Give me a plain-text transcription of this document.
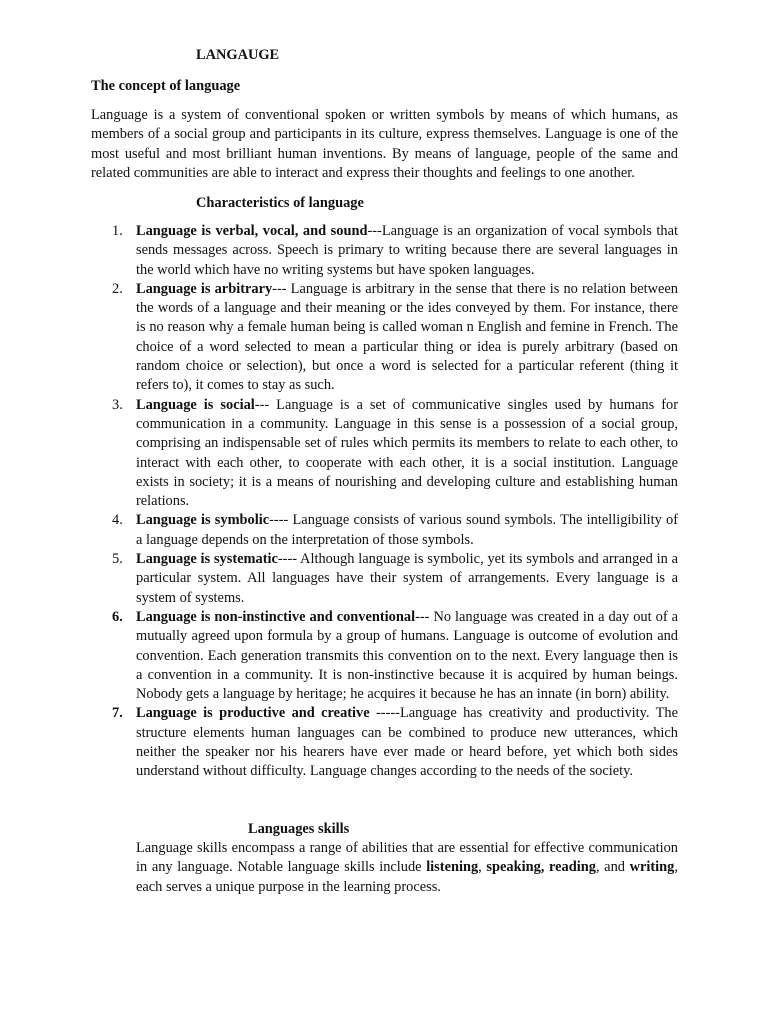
LANGAUGE
The concept of language

Language is a system of conventional spoken or written symbols by means of which humans, as members of a social group and participants in its culture, express themselves. Language is one of the most useful and most brilliant human inventions. By means of language, people of the same and related communities are able to interact and express their thoughts and feelings to one another.

Characteristics of language
1. Language is verbal, vocal, and sound---Language is an organization of vocal symbols that sends messages across. Speech is primary to writing because there are several languages in the world which have no writing systems but have spoken languages.
2. Language is arbitrary--- Language is arbitrary in the sense that there is no relation between the words of a language and their meaning or the ides conveyed by them. For instance, there is no reason why a female human being is called woman n English and femine in French. The choice of a word selected to mean a particular thing or idea is purely arbitrary (based on random choice or selection), but once a word is selected for a particular referent (thing it refers to), it comes to stay as such.
3. Language is social--- Language is a set of communicative singles used by humans for communication in a community. Language in this sense is a possession of a social group, comprising an indispensable set of rules which permits its members to relate to each other, to interact with each other, to cooperate with each other, it is a social institution. Language exists in society; it is a means of nourishing and developing culture and establishing human relations.
4. Language is symbolic---- Language consists of various sound symbols. The intelligibility of a language depends on the interpretation of those symbols.
5. Language is systematic---- Although language is symbolic, yet its symbols and arranged in a particular system. All languages have their system of arrangements. Every language is a system of systems.
6. Language is non-instinctive and conventional--- No language was created in a day out of a mutually agreed upon formula by a group of humans. Language is outcome of evolution and convention. Each generation transmits this convention on to the next. Every language then is a convention in a community. It is non-instinctive because it is acquired by human beings. Nobody gets a language by heritage; he acquires it because he has an innate (in born) ability.
7. Language is productive and creative -----Language has creativity and productivity. The structure elements human languages can be combined to produce new utterances, which neither the speaker nor his hearers have ever made or heard before, yet which both sides understand without difficulty. Language changes according to the needs of the society.
Languages skills

Language skills encompass a range of abilities that are essential for effective communication in any language. Notable language skills include listening, speaking, reading, and writing, each serves a unique purpose in the learning process.
